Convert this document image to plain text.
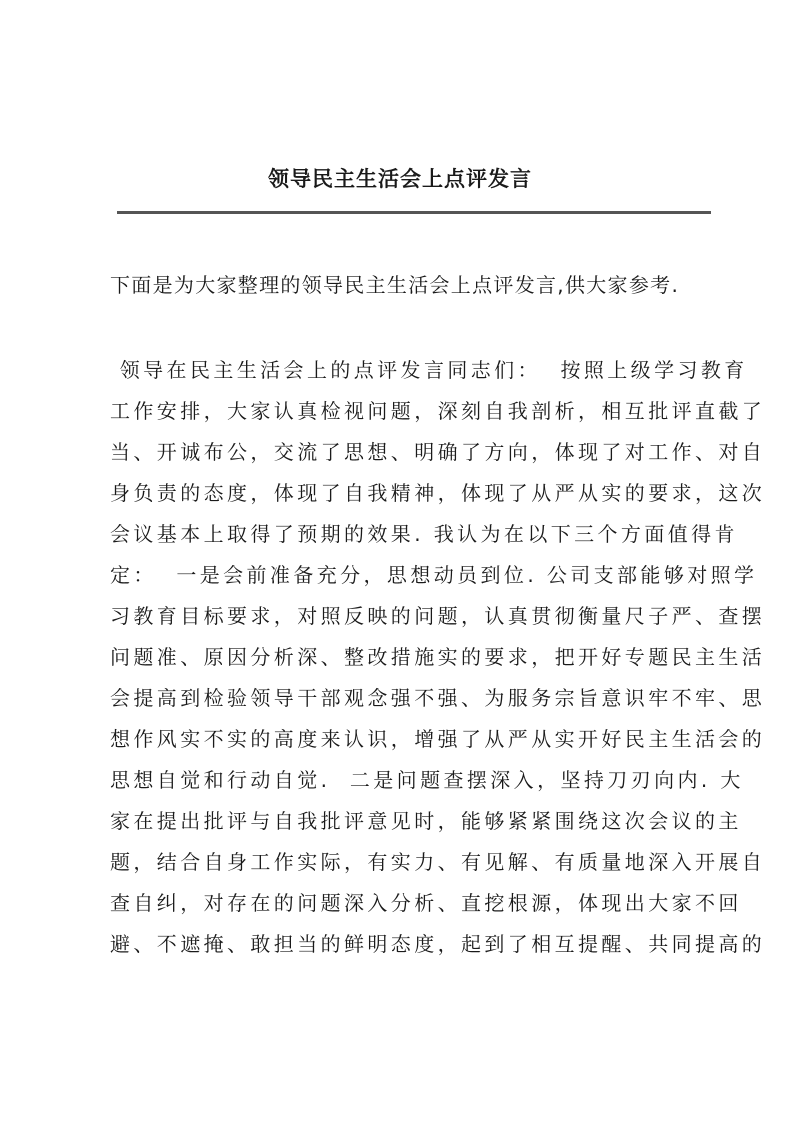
领导民主生活会上点评发言
下面是为大家整理的领导民主生活会上点评发言,供大家参考.
领导在民主生活会上的点评发言同志们：  按照上级学习教育
工作安排，大家认真检视问题，深刻自我剖析，相互批评直截了
当、开诚布公，交流了思想、明确了方向，体现了对工作、对自
身负责的态度，体现了自我精神，体现了从严从实的要求，这次
会议基本上取得了预期的效果. 我认为在以下三个方面值得肯
定：  一是会前准备充分，思想动员到位. 公司支部能够对照学
习教育目标要求，对照反映的问题，认真贯彻衡量尺子严、查摆
问题准、原因分析深、整改措施实的要求，把开好专题民主生活
会提高到检验领导干部观念强不强、为服务宗旨意识牢不牢、思
想作风实不实的高度来认识，增强了从严从实开好民主生活会的
思想自觉和行动自觉.  二是问题查摆深入，坚持刀刃向内. 大
家在提出批评与自我批评意见时，能够紧紧围绕这次会议的主
题，结合自身工作实际，有实力、有见解、有质量地深入开展自
查自纠，对存在的问题深入分析、直挖根源，体现出大家不回
避、不遮掩、敢担当的鲜明态度，起到了相互提醒、共同提高的
